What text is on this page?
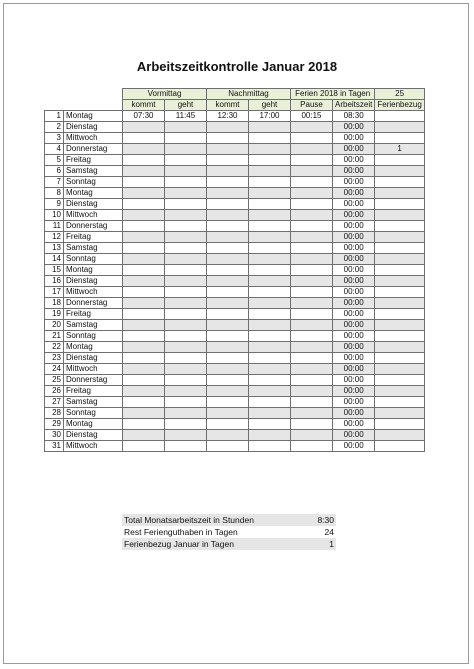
Arbeitszeitkontrolle Januar 2018
		Vormittag		Nachmittag		Ferien 2018 in Tagen		25
		kommt	geht	kommt	geht	Pause	Arbeitszeit	Ferienbezug
1	Montag	07:30	11:45	12:30	17:00	00:15	08:30	
2	Dienstag						00:00	
3	Mittwoch						00:00	
4	Donnerstag						00:00	1
5	Freitag						00:00	
6	Samstag						00:00	
7	Sonntag						00:00	
8	Montag						00:00	
9	Dienstag						00:00	
10	Mittwoch						00:00	
11	Donnerstag						00:00	
12	Freitag						00:00	
13	Samstag						00:00	
14	Sonntag						00:00	
15	Montag						00:00	
16	Dienstag						00:00	
17	Mittwoch						00:00	
18	Donnerstag						00:00	
19	Freitag						00:00	
20	Samstag						00:00	
21	Sonntag						00:00	
22	Montag						00:00	
23	Dienstag						00:00	
24	Mittwoch						00:00	
25	Donnerstag						00:00	
26	Freitag						00:00	
27	Samstag						00:00	
28	Sonntag						00:00	
29	Montag						00:00	
30	Dienstag						00:00	
31	Mittwoch						00:00	
Total Monatsarbeitszeit in Stunden	8:30
Rest Ferienguthaben in Tagen	24
Ferienbezug Januar in Tagen	1
